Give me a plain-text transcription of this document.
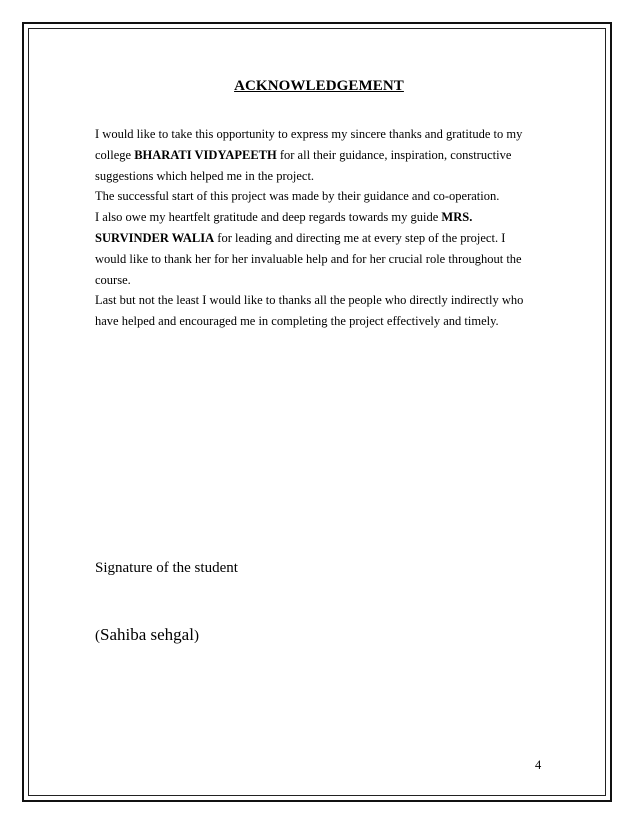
ACKNOWLEDGEMENT
I would like to take this opportunity to express my sincere thanks and gratitude to my
college BHARATI VIDYAPEETH for all their guidance, inspiration, constructive
suggestions which helped me in the project.
The successful start of this project was made by their guidance and co-operation.
I also owe my heartfelt gratitude and deep regards towards my guide MRS.
SURVINDER WALIA for leading and directing me at every step of the project. I
would like to thank her for her invaluable help and for her crucial role throughout the
course.
Last but not the least I would like to thanks all the people who directly indirectly who
have helped and encouraged me in completing the project effectively and timely.
Signature of the student
(Sahiba sehgal)
4
